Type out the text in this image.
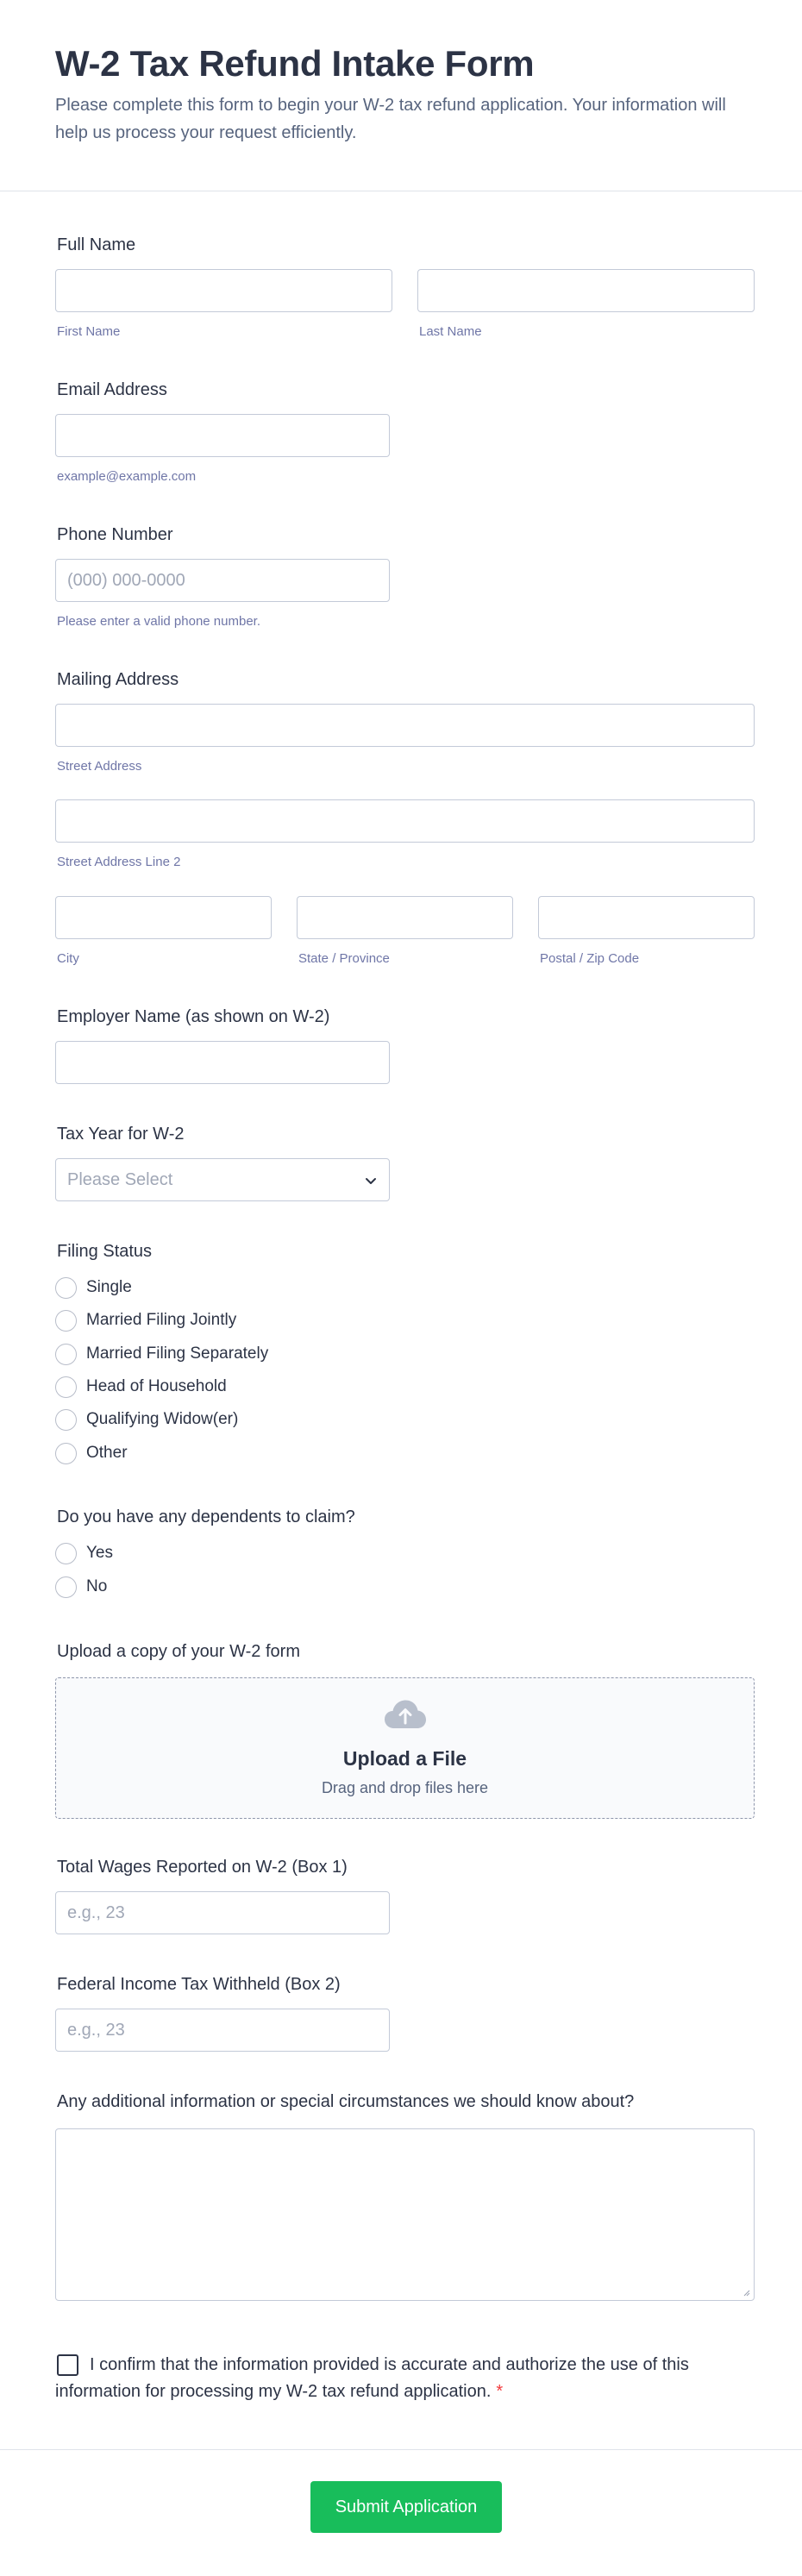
W-2 Tax Refund Intake Form

Please complete this form to begin your W-2 tax refund application. Your information will help us process your request efficiently.

Full Name
First Name	Last Name
Email Address
example@example.com
Phone Number
(000) 000-0000
Please enter a valid phone number.
Mailing Address
Street Address
Street Address Line 2
City	State / Province	Postal / Zip Code
Employer Name (as shown on W-2)
Tax Year for W-2
Please Select
Filing Status
Single
Married Filing Jointly
Married Filing Separately
Head of Household
Qualifying Widow(er)
Other
Do you have any dependents to claim?
Yes
No
Upload a copy of your W-2 form
Upload a File
Drag and drop files here
Total Wages Reported on W-2 (Box 1)
e.g., 23
Federal Income Tax Withheld (Box 2)
e.g., 23
Any additional information or special circumstances we should know about?
I confirm that the information provided is accurate and authorize the use of this information for processing my W-2 tax refund application. *
Submit Application
